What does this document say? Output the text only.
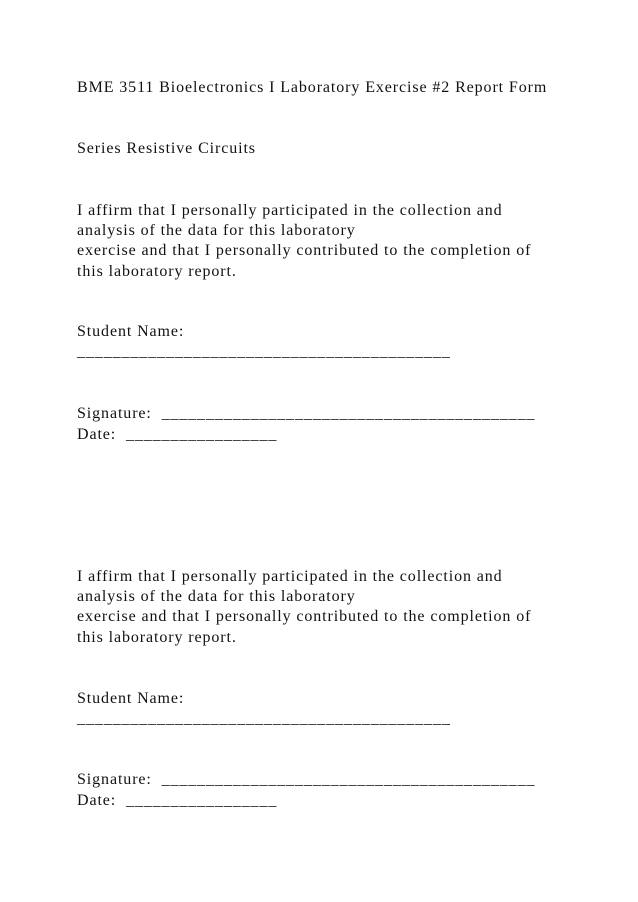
BME 3511 Bioelectronics I Laboratory Exercise #2 Report Form
Series Resistive Circuits
I affirm that I personally participated in the collection and
analysis of the data for this laboratory
exercise and that I personally contributed to the completion of
this laboratory report.
Student Name:
__________________________________________
Signature:  __________________________________________
Date:  _________________
I affirm that I personally participated in the collection and
analysis of the data for this laboratory
exercise and that I personally contributed to the completion of
this laboratory report.
Student Name:
__________________________________________
Signature:  __________________________________________
Date:  _________________
